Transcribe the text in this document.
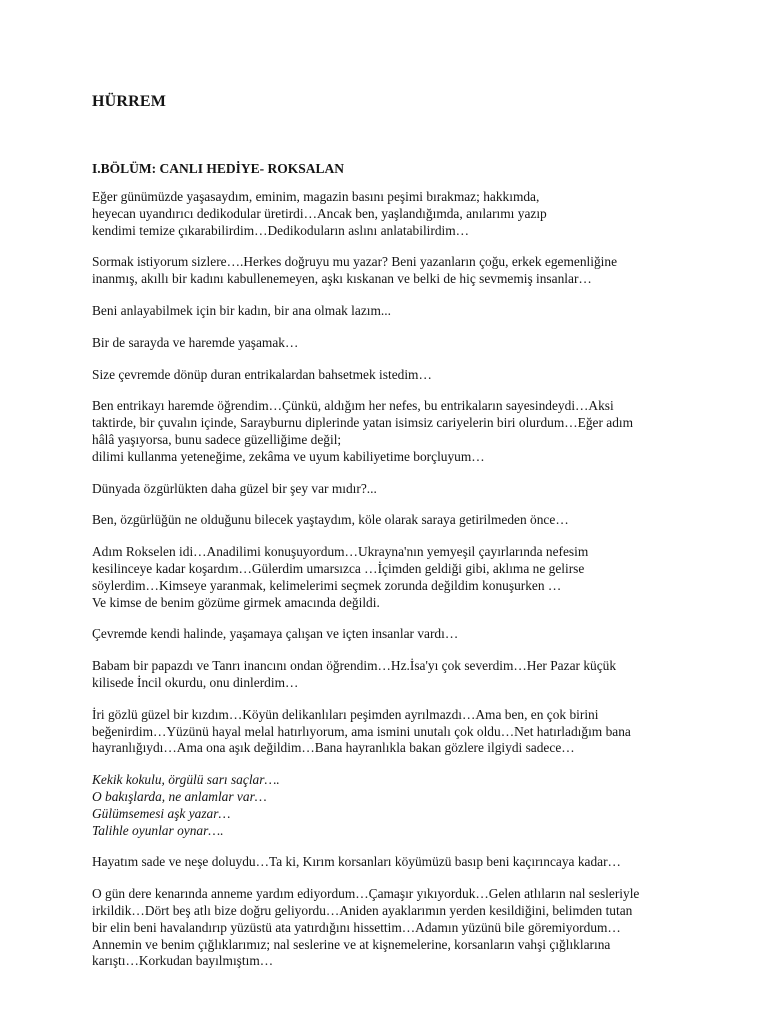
HÜRREM
I.BÖLÜM: CANLI HEDİYE- ROKSALAN

Eğer günümüzde yaşasaydım, eminim, magazin basını peşimi bırakmaz; hakkımda,
heyecan uyandırıcı dedikodular üretirdi…Ancak ben, yaşlandığımda, anılarımı yazıp
kendimi temize çıkarabilirdim…Dedikoduların aslını anlatabilirdim…

Sormak istiyorum sizlere….Herkes doğruyu mu yazar? Beni yazanların çoğu, erkek egemenliğine
inanmış, akıllı bir kadını kabullenemeyen, aşkı kıskanan ve belki de hiç sevmemiş insanlar…

Beni anlayabilmek için bir kadın, bir ana olmak lazım...

Bir de sarayda ve haremde yaşamak…

Size çevremde dönüp duran entrikalardan bahsetmek istedim…

Ben entrikayı haremde öğrendim…Çünkü, aldığım her nefes, bu entrikaların sayesindeydi…Aksi
taktirde, bir çuvalın içinde, Sarayburnu diplerinde yatan isimsiz cariyelerin biri olurdum…Eğer adım
hâlâ yaşıyorsa, bunu sadece güzelliğime değil;
dilimi kullanma yeteneğime, zekâma ve uyum kabiliyetime borçluyum…

Dünyada özgürlükten daha güzel bir şey var mıdır?...

Ben, özgürlüğün ne olduğunu bilecek yaştaydım, köle olarak saraya getirilmeden önce…

Adım Rokselen idi…Anadilimi konuşuyordum…Ukrayna'nın yemyeşil çayırlarında nefesim
kesilinceye kadar koşardım…Gülerdim umarsızca …İçimden geldiği gibi, aklıma ne gelirse
söylerdim…Kimseye yaranmak, kelimelerimi seçmek zorunda değildim konuşurken …
Ve kimse de benim gözüme girmek amacında değildi.

Çevremde kendi halinde, yaşamaya çalışan ve içten insanlar vardı…

Babam bir papazdı ve Tanrı inancını ondan öğrendim…Hz.İsa'yı çok severdim…Her Pazar küçük
kilisede İncil okurdu, onu dinlerdim…

İri gözlü güzel bir kızdım…Köyün delikanlıları peşimden ayrılmazdı…Ama ben, en çok birini
beğenirdim…Yüzünü hayal melal hatırlıyorum, ama ismini unutalı çok oldu…Net hatırladığım bana
hayranlığıydı…Ama ona aşık değildim…Bana hayranlıkla bakan gözlere ilgiydi sadece…

Kekik kokulu, örgülü sarı saçlar….
O bakışlarda, ne anlamlar var…
Gülümsemesi aşk yazar…
Talihle oyunlar oynar….

Hayatım sade ve neşe doluydu…Ta ki, Kırım korsanları köyümüzü basıp beni kaçırıncaya kadar…

O gün dere kenarında anneme yardım ediyordum…Çamaşır yıkıyorduk…Gelen atlıların nal sesleriyle
irkildik…Dört beş atlı bize doğru geliyordu…Aniden ayaklarımın yerden kesildiğini, belimden tutan
bir elin beni havalandırıp yüzüstü ata yatırdığını hissettim…Adamın yüzünü bile göremiyordum…
Annemin ve benim çığlıklarımız; nal seslerine ve at kişnemelerine, korsanların vahşi çığlıklarına
karıştı…Korkudan bayılmıştım…
